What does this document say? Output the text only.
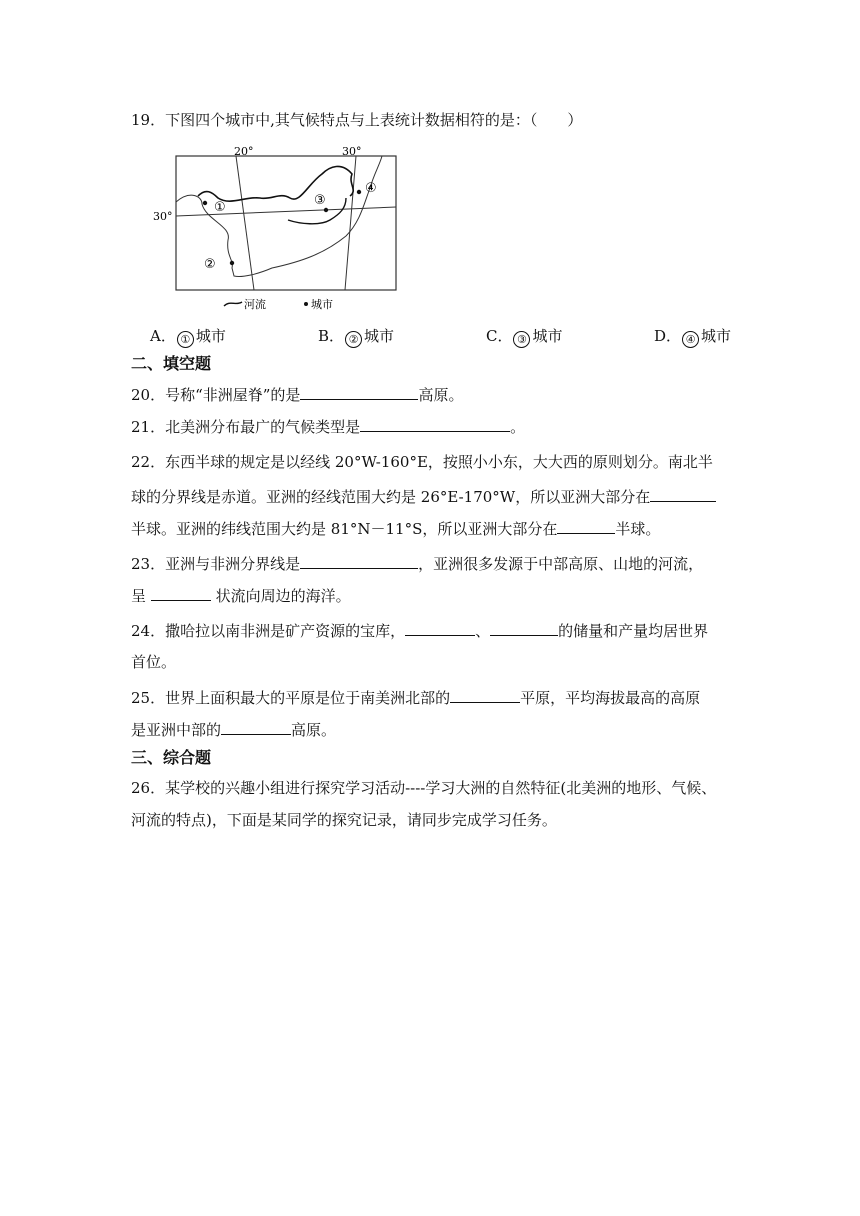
19．下图四个城市中,其气候特点与上表统计数据相符的是：（　　）
20°	30°
30°
①
②
③
④
河流	城市
A． ① 城市	B． ② 城市	C． ③ 城市	D． ④ 城市
二、填空题
20．号称“非洲屋脊”的是	高原。
21．北美洲分布最广的气候类型是	。
22．东西半球的规定是以经线 20°W-160°E，按照小小东，大大西的原则划分。南北半
球的分界线是赤道。亚洲的经线范围大约是 26°E-170°W，所以亚洲大部分在
半球。亚洲的纬线范围大约是 81°N－11°S，所以亚洲大部分在	半球。
23．亚洲与非洲分界线是	，亚洲很多发源于中部高原、山地的河流，
呈	状流向周边的海洋。
24．撒哈拉以南非洲是矿产资源的宝库，	、	的储量和产量均居世界
首位。
25．世界上面积最大的平原是位于南美洲北部的	平原，平均海拔最高的高原
是亚洲中部的	高原。
三、综合题
26．某学校的兴趣小组进行探究学习活动----学习大洲的自然特征(北美洲的地形、气候、
河流的特点)，下面是某同学的探究记录，请同步完成学习任务。
